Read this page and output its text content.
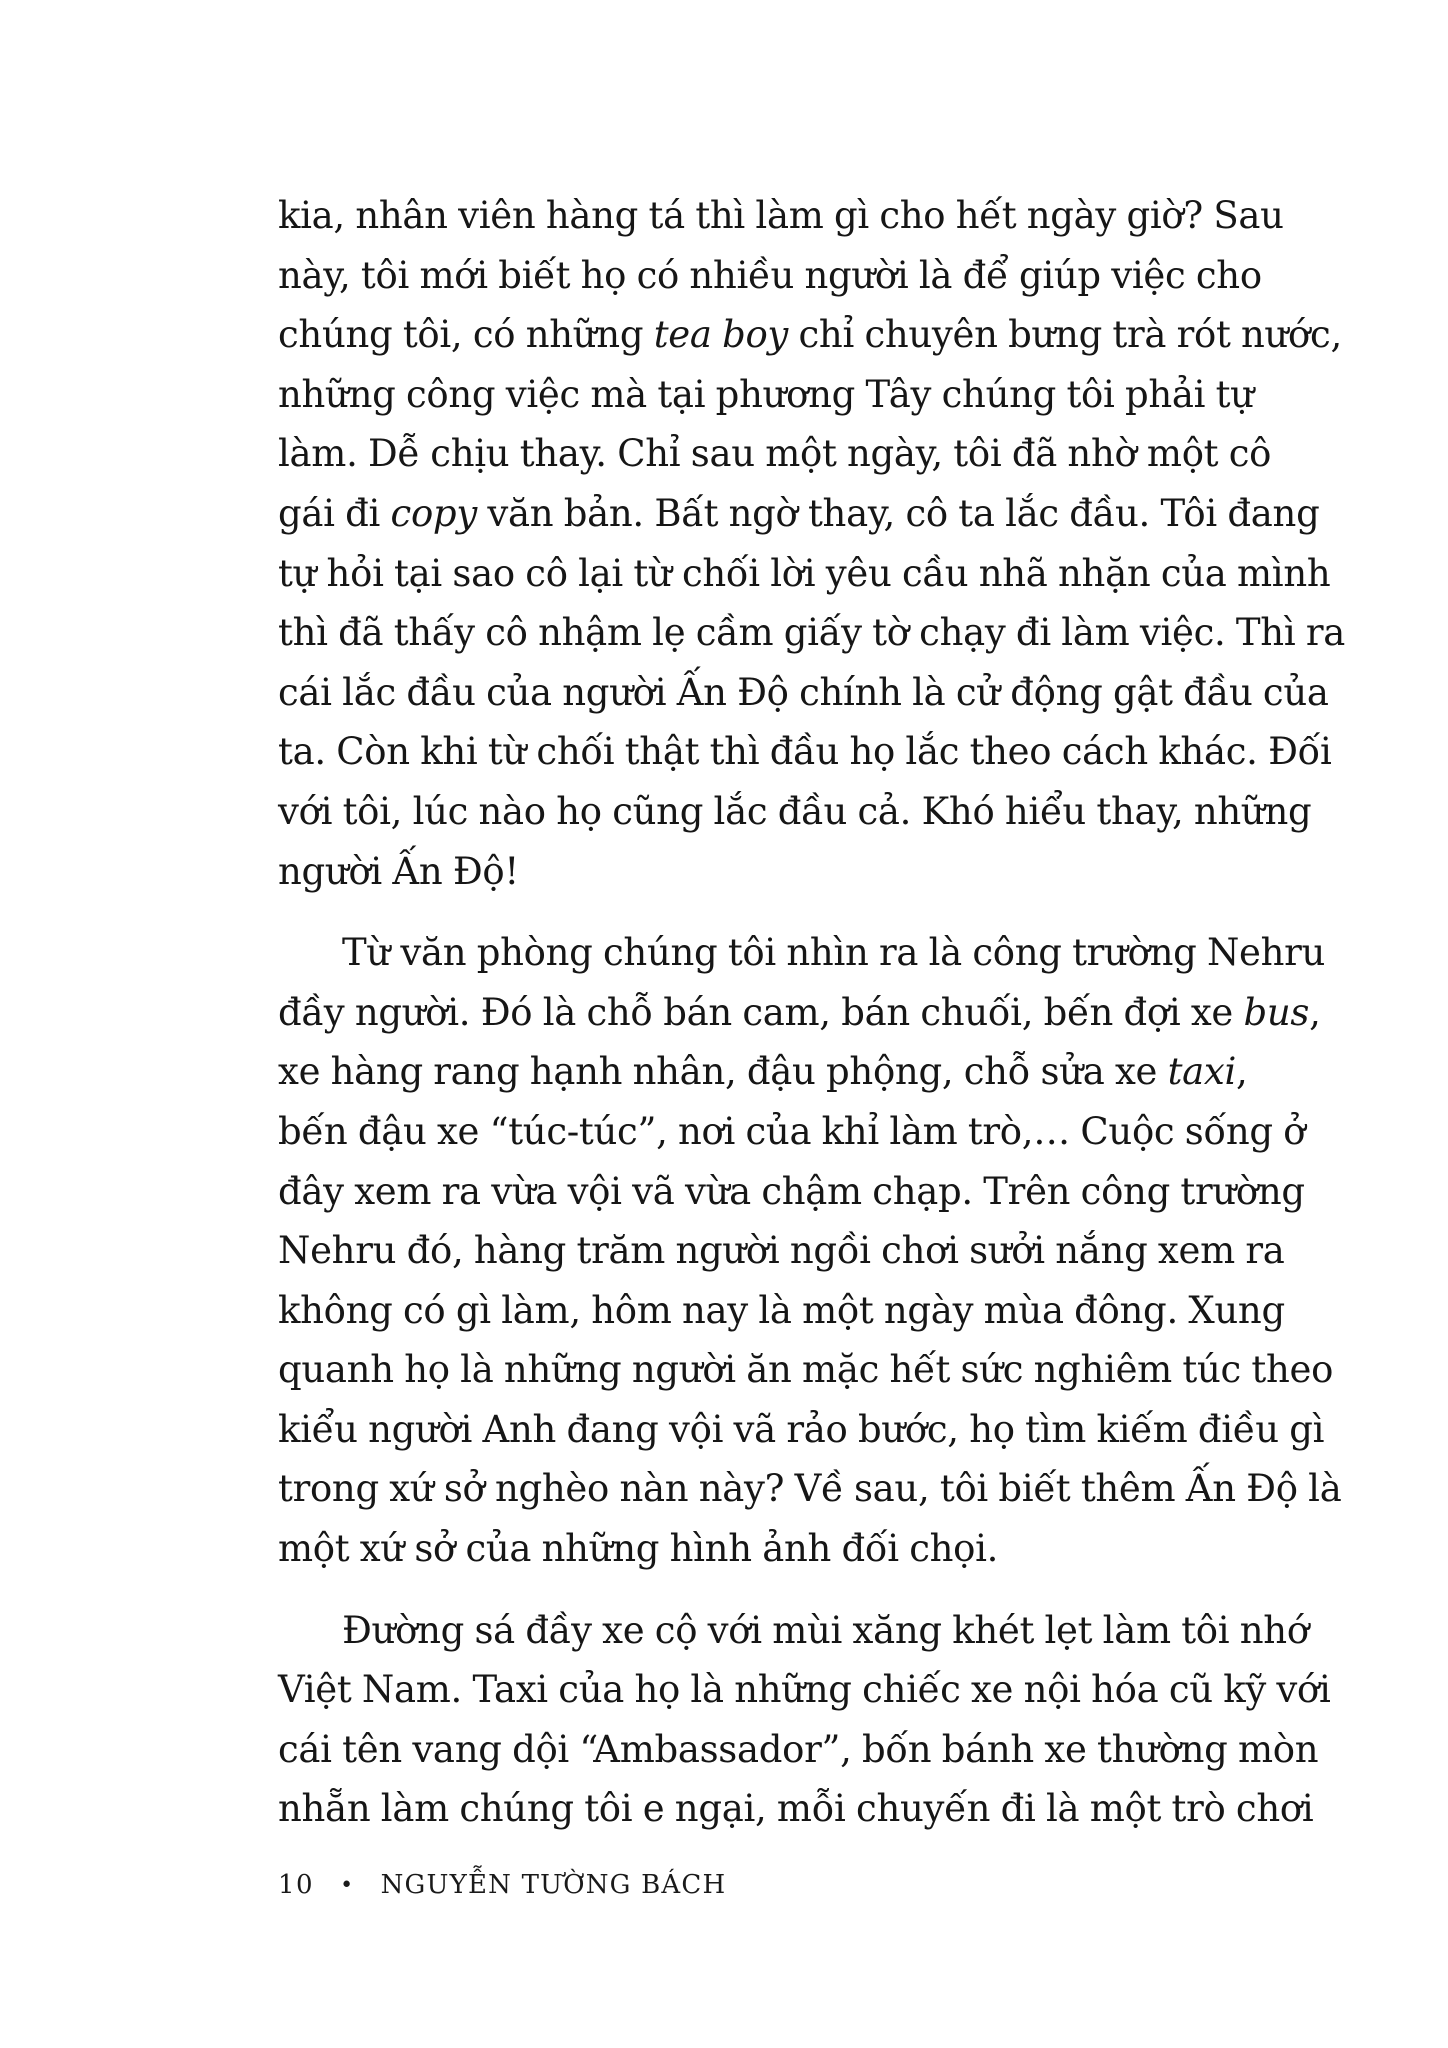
kia, nhân viên hàng tá thì làm gì cho hết ngày giờ? Sau
này, tôi mới biết họ có nhiều người là để giúp việc cho
chúng tôi, có những tea boy chỉ chuyên bưng trà rót nước,
những công việc mà tại phương Tây chúng tôi phải tự
làm. Dễ chịu thay. Chỉ sau một ngày, tôi đã nhờ một cô
gái đi copy văn bản. Bất ngờ thay, cô ta lắc đầu. Tôi đang
tự hỏi tại sao cô lại từ chối lời yêu cầu nhã nhặn của mình
thì đã thấy cô nhậm lẹ cầm giấy tờ chạy đi làm việc. Thì ra
cái lắc đầu của người Ấn Độ chính là cử động gật đầu của
ta. Còn khi từ chối thật thì đầu họ lắc theo cách khác. Đối
với tôi, lúc nào họ cũng lắc đầu cả. Khó hiểu thay, những
người Ấn Độ!

Từ văn phòng chúng tôi nhìn ra là công trường Nehru
đầy người. Đó là chỗ bán cam, bán chuối, bến đợi xe bus,
xe hàng rang hạnh nhân, đậu phộng, chỗ sửa xe taxi,
bến đậu xe “túc-túc”, nơi của khỉ làm trò,… Cuộc sống ở
đây xem ra vừa vội vã vừa chậm chạp. Trên công trường
Nehru đó, hàng trăm người ngồi chơi sưởi nắng xem ra
không có gì làm, hôm nay là một ngày mùa đông. Xung
quanh họ là những người ăn mặc hết sức nghiêm túc theo
kiểu người Anh đang vội vã rảo bước, họ tìm kiếm điều gì
trong xứ sở nghèo nàn này? Về sau, tôi biết thêm Ấn Độ là
một xứ sở của những hình ảnh đối chọi.

Đường sá đầy xe cộ với mùi xăng khét lẹt làm tôi nhớ
Việt Nam. Taxi của họ là những chiếc xe nội hóa cũ kỹ với
cái tên vang dội “Ambassador”, bốn bánh xe thường mòn
nhẵn làm chúng tôi e ngại, mỗi chuyến đi là một trò chơi

10 • NGUYỄN TƯỜNG BÁCH
